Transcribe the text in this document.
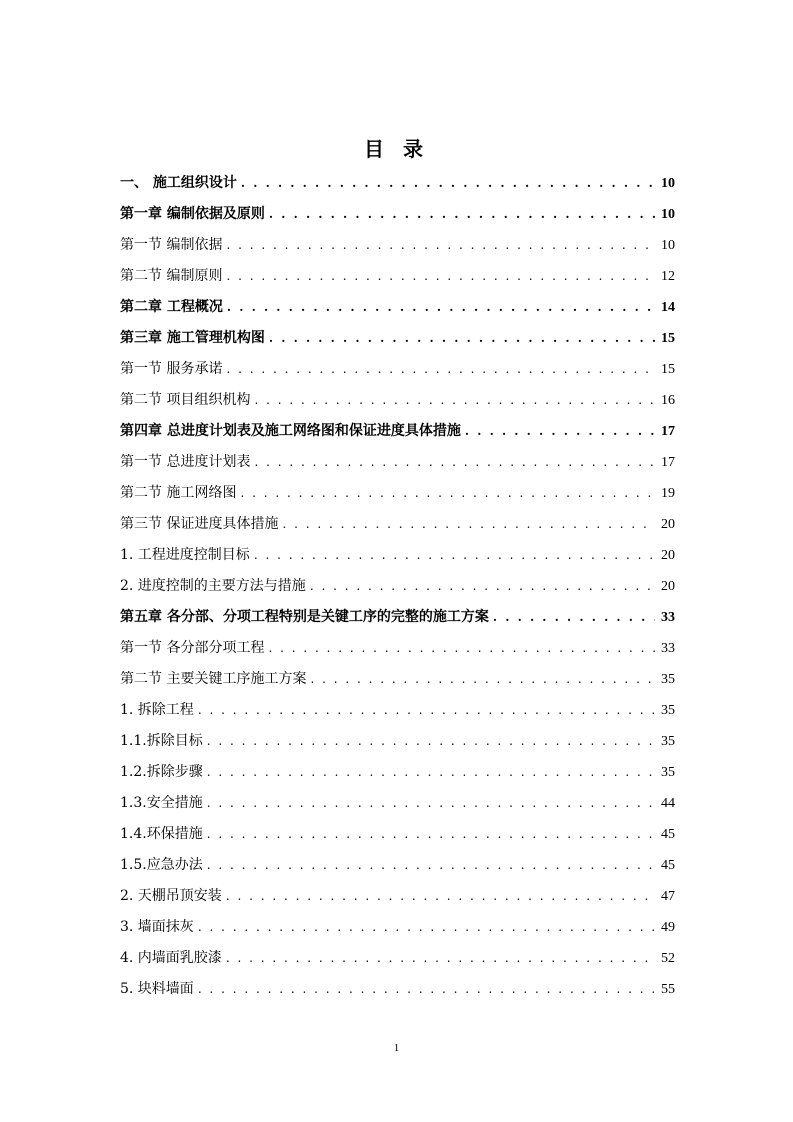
目 录
一、 施工组织设计 . . .	10
第一章 编制依据及原则 . . .	10
第一节 编制依据 . . .	10
第二节 编制原则 . . .	12
第二章 工程概况 . . .	14
第三章 施工管理机构图 . . .	15
第一节 服务承诺 . . .	15
第二节 项目组织机构 . . .	16
第四章 总进度计划表及施工网络图和保证进度具体措施 . . .	17
第一节 总进度计划表 . . .	17
第二节 施工网络图 . . .	19
第三节 保证进度具体措施 . . .	20
1. 工程进度控制目标 . . .	20
2. 进度控制的主要方法与措施 . . .	20
第五章 各分部、分项工程特别是关键工序的完整的施工方案 . . .	33
第一节 各分部分项工程 . . .	33
第二节 主要关键工序施工方案 . . .	35
1. 拆除工程 . . .	35
1.1.拆除目标 . . .	35
1.2.拆除步骤 . . .	35
1.3.安全措施 . . .	44
1.4.环保措施 . . .	45
1.5.应急办法 . . .	45
2. 天棚吊顶安装 . . .	47
3. 墙面抹灰 . . .	49
4. 内墙面乳胶漆 . . .	52
5. 块料墙面 . . .	55
1
